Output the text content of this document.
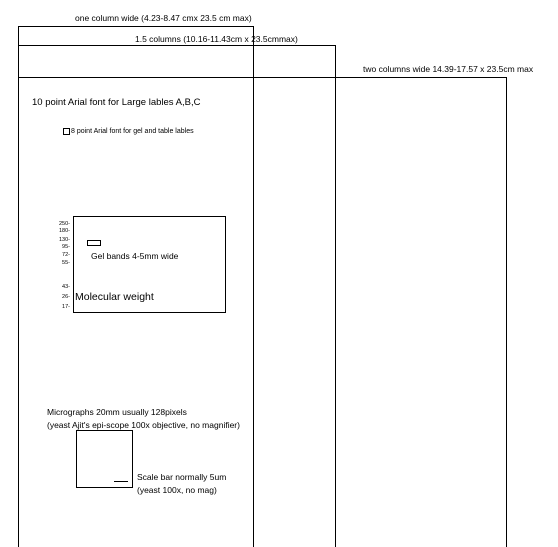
one column wide (4.23-8.47 cmx 23.5 cm max)
1.5 columns (10.16-11.43cm x 23.5cmmax)
two columns wide 14.39-17.57 x 23.5cm max
10 point Arial font for Large lables A,B,C
8 point Arial font for gel and table lables
250-
180-
130-
95-
72-
55-
43-
26-
17-
Gel bands 4-5mm wide
Molecular weight
Micrographs 20mm usually 128pixels
(yeast Ajit's epi-scope 100x objective, no magnifier)
Scale bar normally 5um
(yeast 100x, no mag)
